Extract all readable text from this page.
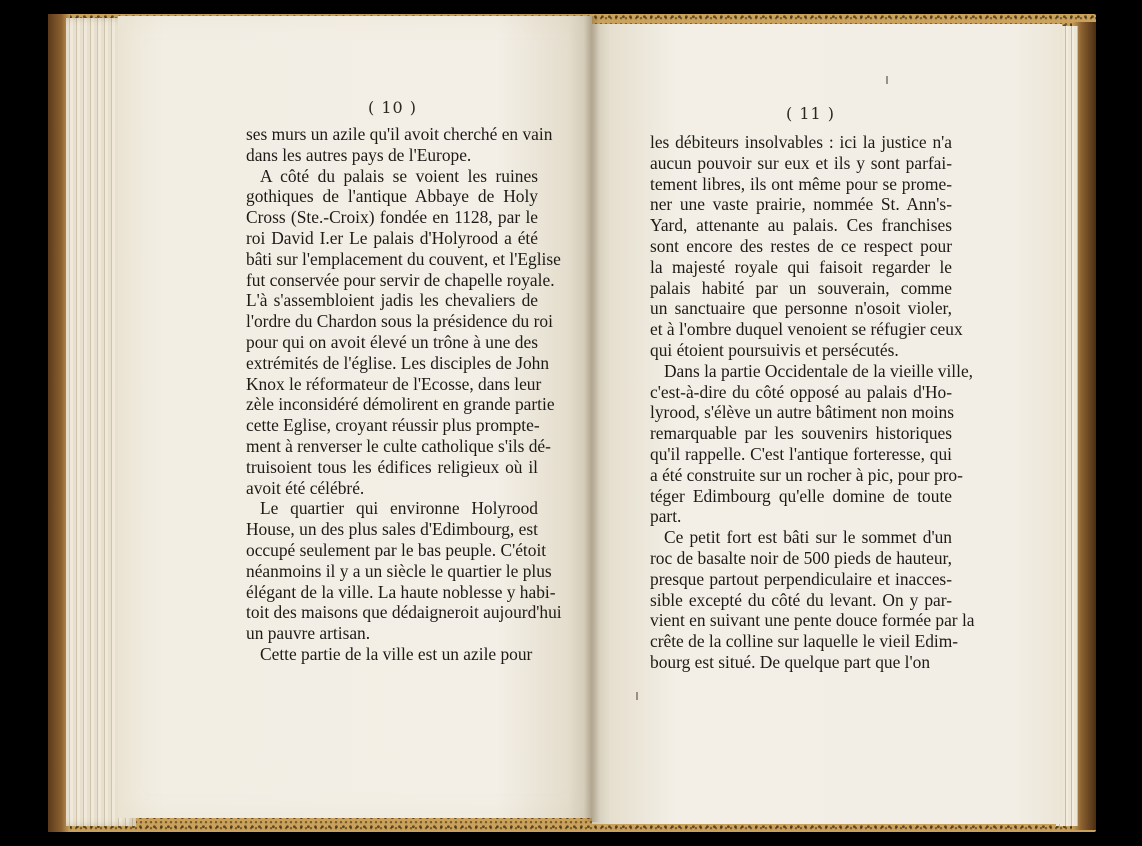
( 10 )
ses murs un azile qu'il avoit cherché en vain
dans les autres pays de l'Europe.
A côté du palais se voient les ruines
gothiques de l'antique Abbaye de Holy
Cross (Ste.-Croix) fondée en 1128, par le
roi David I.er Le palais d'Holyrood a été
bâti sur l'emplacement du couvent, et l'Eglise
fut conservée pour servir de chapelle royale.
L'à s'assembloient jadis les chevaliers de
l'ordre du Chardon sous la présidence du roi
pour qui on avoit élevé un trône à une des
extrémités de l'église. Les disciples de John
Knox le réformateur de l'Ecosse, dans leur
zèle inconsidéré démolirent en grande partie
cette Eglise, croyant réussir plus prompte-
ment à renverser le culte catholique s'ils dé-
truisoient tous les édifices religieux où il
avoit été célébré.
Le quartier qui environne Holyrood
House, un des plus sales d'Edimbourg, est
occupé seulement par le bas peuple. C'étoit
néanmoins il y a un siècle le quartier le plus
élégant de la ville. La haute noblesse y habi-
toit des maisons que dédaigneroit aujourd'hui
un pauvre artisan.
Cette partie de la ville est un azile pour
( 11 )
les débiteurs insolvables : ici la justice n'a
aucun pouvoir sur eux et ils y sont parfai-
tement libres, ils ont même pour se prome-
ner une vaste prairie, nommée St. Ann's-
Yard, attenante au palais. Ces franchises
sont encore des restes de ce respect pour
la majesté royale qui faisoit regarder le
palais habité par un souverain, comme
un sanctuaire que personne n'osoit violer,
et à l'ombre duquel venoient se réfugier ceux
qui étoient poursuivis et persécutés.
Dans la partie Occidentale de la vieille ville,
c'est-à-dire du côté opposé au palais d'Ho-
lyrood, s'élève un autre bâtiment non moins
remarquable par les souvenirs historiques
qu'il rappelle. C'est l'antique forteresse, qui
a été construite sur un rocher à pic, pour pro-
téger Edimbourg qu'elle domine de toute
part.
Ce petit fort est bâti sur le sommet d'un
roc de basalte noir de 500 pieds de hauteur,
presque partout perpendiculaire et inacces-
sible excepté du côté du levant. On y par-
vient en suivant une pente douce formée par la
crête de la colline sur laquelle le vieil Edim-
bourg est situé. De quelque part que l'on
